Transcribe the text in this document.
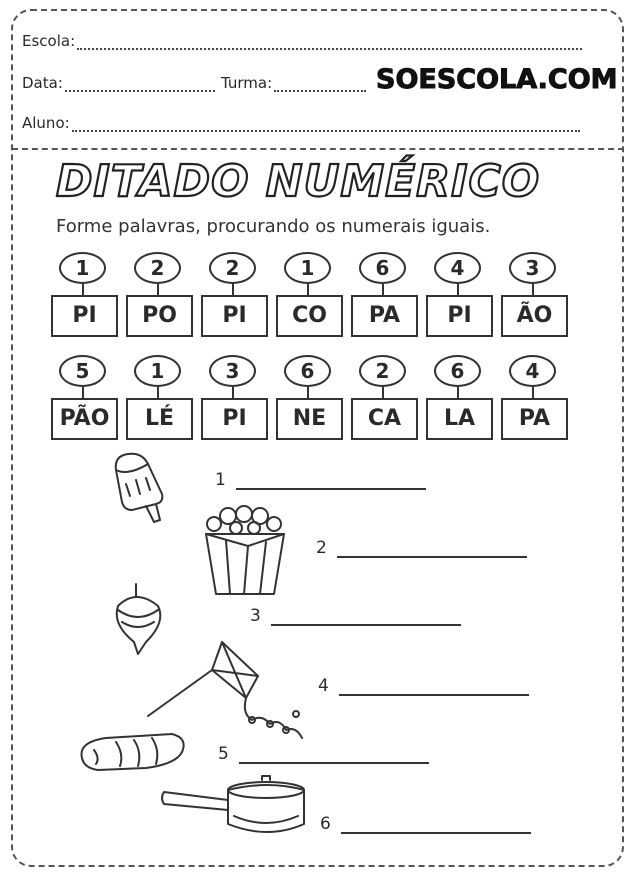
Escola:
Data:	Turma:	SOESCOLA.COM
Aluno:
DITADO NUMÉRICO
Forme palavras, procurando os numerais iguais.
1
PI
2
PO
2
PI
1
CO
6
PA
4
PI
3
ÃO
5
PÃO
1
LÉ
3
PI
6
NE
2
CA
6
LA
4
PA
1
2
3
4
5
6
